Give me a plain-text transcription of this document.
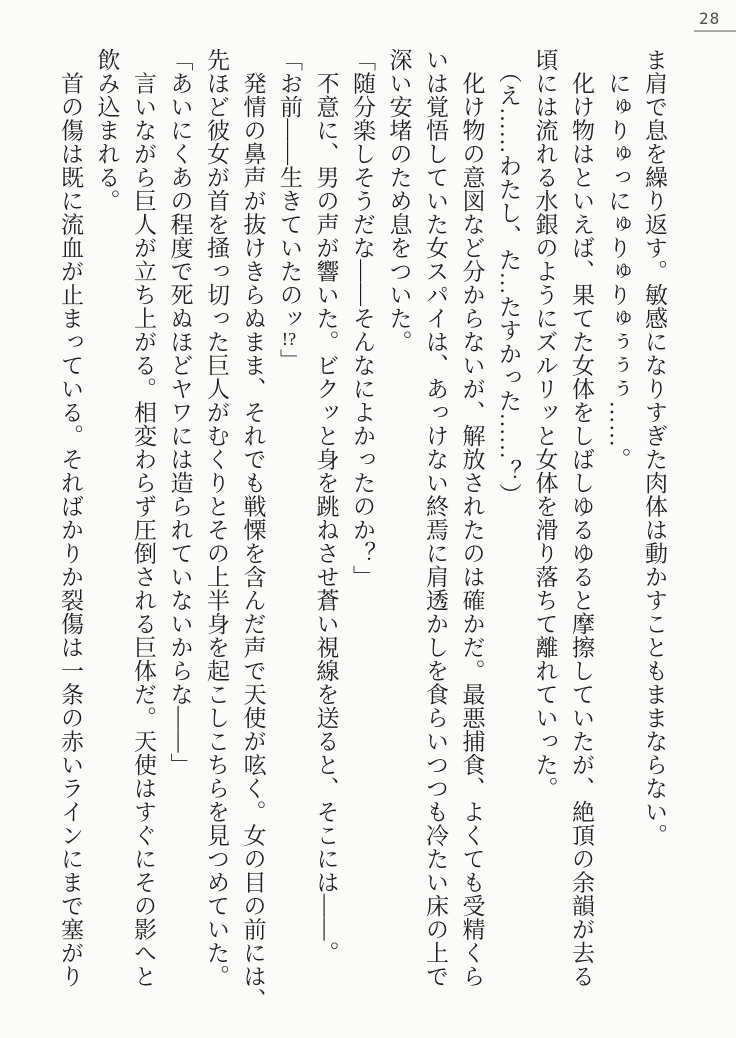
28
ま肩で息を繰り返す。敏感になりすぎた肉体は動かすこともままならない。
　にゅりゅっにゅりゅりゅぅぅぅ……。
　化け物はといえば、果てた女体をしばしゆるゆると摩擦していたが、絶頂の余韻が去る
頃には流れる水銀のようにズルリッと女体を滑り落ちて離れていった。
　（え……わたし、た…たすかった……？）
　化け物の意図など分からないが、解放されたのは確かだ。最悪捕食、よくても受精くら
いは覚悟していた女スパイは、あっけない終焉に肩透かしを食らいつつも冷たい床の上で
深い安堵のため息をついた。
「随分楽しそうだな――そんなによかったのか？」
　不意に、男の声が響いた。ビクッと身を跳ねさせ蒼い視線を送ると、そこには――。
「お前――生きていたのッ!?」
　発情の鼻声が抜けきらぬまま、それでも戦慄を含んだ声で天使が呟く。女の目の前には、
先ほど彼女が首を掻っ切った巨人がむくりとその上半身を起こしこちらを見つめていた。
「あいにくあの程度で死ぬほどヤワには造られていないからな――」
　言いながら巨人が立ち上がる。相変わらず圧倒される巨体だ。天使はすぐにその影へと
飲み込まれる。
　首の傷は既に流血が止まっている。そればかりか裂傷は一条の赤いラインにまで塞がり
